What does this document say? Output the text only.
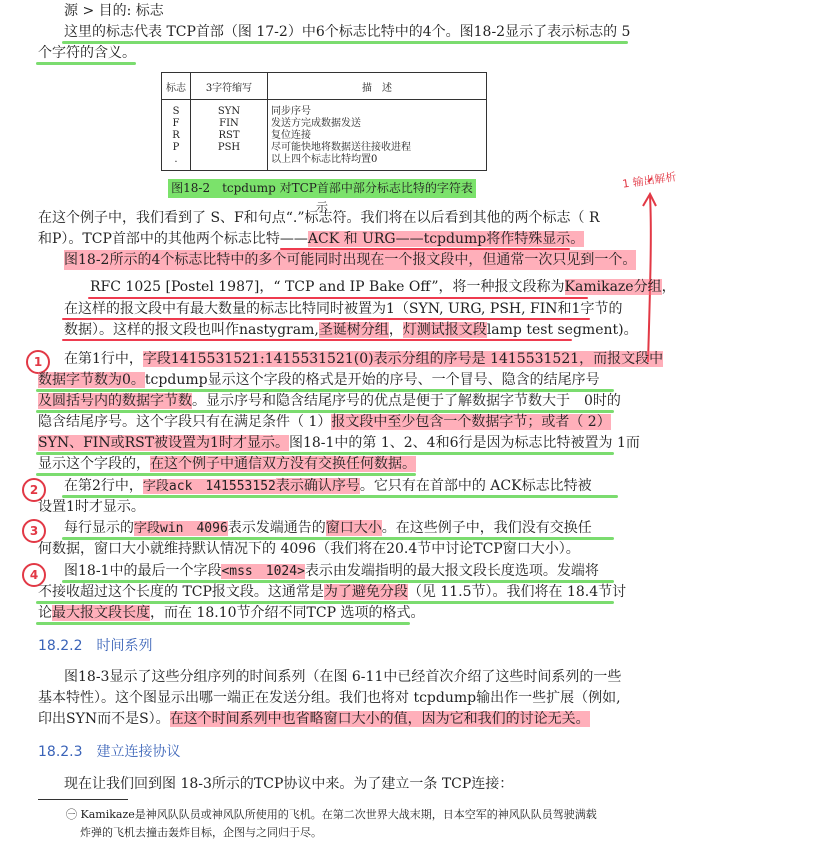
源 > 目的: 标志
这里的标志代表 TCP首部（图 17-2）中6个标志比特中的4个。图18-2显示了表示标志的 5
个字符的含义。
标志	3字符缩写	描　述
S	SYN	同步序号
F	FIN	发送方完成数据发送
R	RST	复位连接
P	PSH	尽可能快地将数据送往接收进程
.		以上四个标志比特均置0
图18-2　tcpdump 对TCP首部中部分标志比特的字符表示
1 输出解析
在这个例子中，我们看到了 S、F和句点“.”标志符。我们将在以后看到其他的两个标志（ R
和P）。TCP首部中的其他两个标志比特——ACK 和 URG——tcpdump将作特殊显示。
图18-2所示的4个标志比特中的多个可能同时出现在一个报文段中，但通常一次只见到一个。
RFC 1025 [Postel 1987]，“ TCP and IP Bake Off”，将一种报文段称为Kamikaze分组，
在这样的报文段中有最大数量的标志比特同时被置为1（SYN, URG, PSH, FIN和1字节的
数据）。这样的报文段也叫作nastygram,圣诞树分组，灯测试报文段lamp test segment)。
1	在第1行中，字段1415531521:1415531521(0)表示分组的序号是 1415531521，而报文段中
数据字节数为0。tcpdump显示这个字段的格式是开始的序号、一个冒号、隐含的结尾序号
及圆括号内的数据字节数。显示序号和隐含结尾序号的优点是便于了解数据字节数大于　0时的
隐含结尾序号。这个字段只有在满足条件（ 1）报文段中至少包含一个数据字节；或者（ 2）
SYN、FIN或RST被设置为1时才显示。图18-1中的第 1、2、4和6行是因为标志比特被置为 1而
显示这个字段的，在这个例子中通信双方没有交换任何数据。
2	在第2行中，字段ack　141553152表示确认序号。它只有在首部中的 ACK标志比特被
设置1时才显示。
3	每行显示的字段win　4096表示发端通告的窗口大小。在这些例子中，我们没有交换任
何数据，窗口大小就维持默认情况下的 4096（我们将在20.4节中讨论TCP窗口大小）。
4	图18-1中的最后一个字段<mss　1024>表示由发端指明的最大报文段长度选项。发端将
不接收超过这个长度的 TCP报文段。这通常是为了避免分段（见 11.5节）。我们将在 18.4节讨
论最大报文段长度，而在 18.10节介绍不同TCP 选项的格式。
18.2.2　时间系列
图18-3显示了这些分组序列的时间系列（在图 6-11中已经首次介绍了这些时间系列的一些
基本特性）。这个图显示出哪一端正在发送分组。我们也将对 tcpdump输出作一些扩展（例如,
印出SYN而不是S）。在这个时间系列中也省略窗口大小的值，因为它和我们的讨论无关。
18.2.3　建立连接协议
现在让我们回到图 18-3所示的TCP协议中来。为了建立一条 TCP连接：
㊀ Kamikaze是神风队队员或神风队所使用的飞机。在第二次世界大战末期，日本空军的神风队队员驾驶满载
炸弹的飞机去撞击轰炸目标，企图与之同归于尽。
